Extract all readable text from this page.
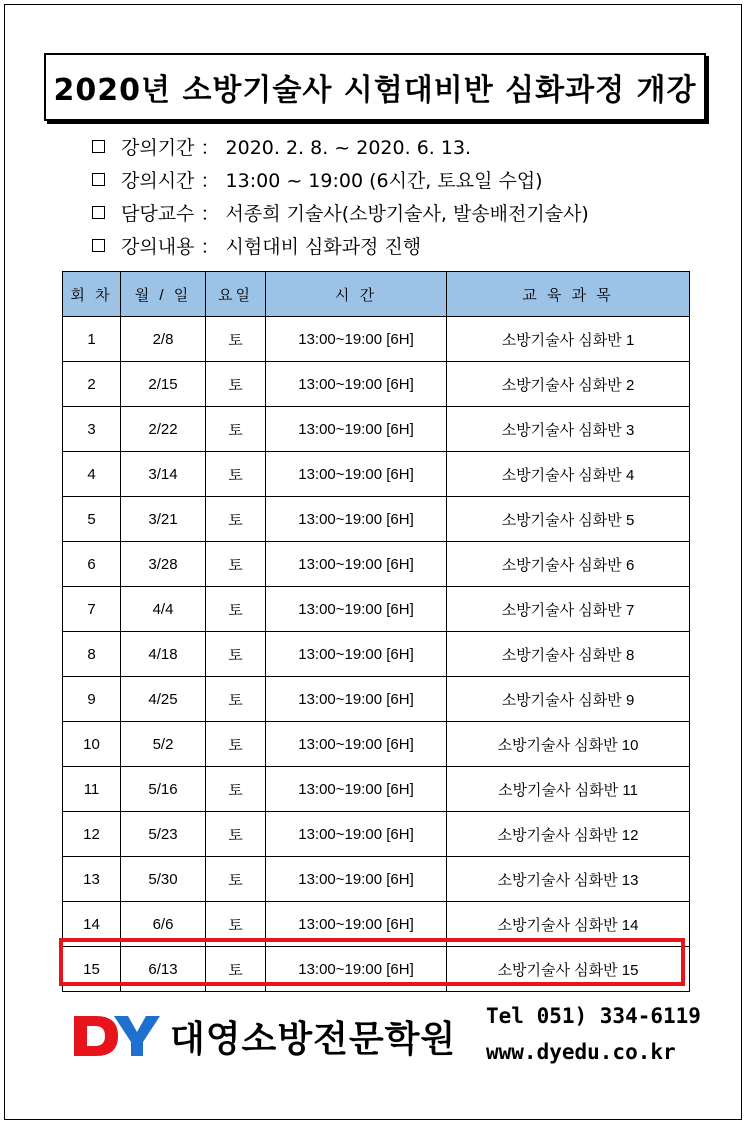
2020년 소방기술사 시험대비반 심화과정 개강
강의기간 ： 2020. 2. 8. ~ 2020. 6. 13.
강의시간 ： 13:00 ~ 19:00 (6시간, 토요일 수업)
담당교수 ： 서종희 기술사(소방기술사, 발송배전기술사)
강의내용 ： 시험대비 심화과정 진행
회 차	월 / 일	요일	시 간	교 육 과 목
1	2/8	토	13:00~19:00 [6H]	소방기술사 심화반 1
2	2/15	토	13:00~19:00 [6H]	소방기술사 심화반 2
3	2/22	토	13:00~19:00 [6H]	소방기술사 심화반 3
4	3/14	토	13:00~19:00 [6H]	소방기술사 심화반 4
5	3/21	토	13:00~19:00 [6H]	소방기술사 심화반 5
6	3/28	토	13:00~19:00 [6H]	소방기술사 심화반 6
7	4/4	토	13:00~19:00 [6H]	소방기술사 심화반 7
8	4/18	토	13:00~19:00 [6H]	소방기술사 심화반 8
9	4/25	토	13:00~19:00 [6H]	소방기술사 심화반 9
10	5/2	토	13:00~19:00 [6H]	소방기술사 심화반 10
11	5/16	토	13:00~19:00 [6H]	소방기술사 심화반 11
12	5/23	토	13:00~19:00 [6H]	소방기술사 심화반 12
13	5/30	토	13:00~19:00 [6H]	소방기술사 심화반 13
14	6/6	토	13:00~19:00 [6H]	소방기술사 심화반 14
15	6/13	토	13:00~19:00 [6H]	소방기술사 심화반 15
대영소방전문학원
Tel 051) 334-6119
www.dyedu.co.kr
